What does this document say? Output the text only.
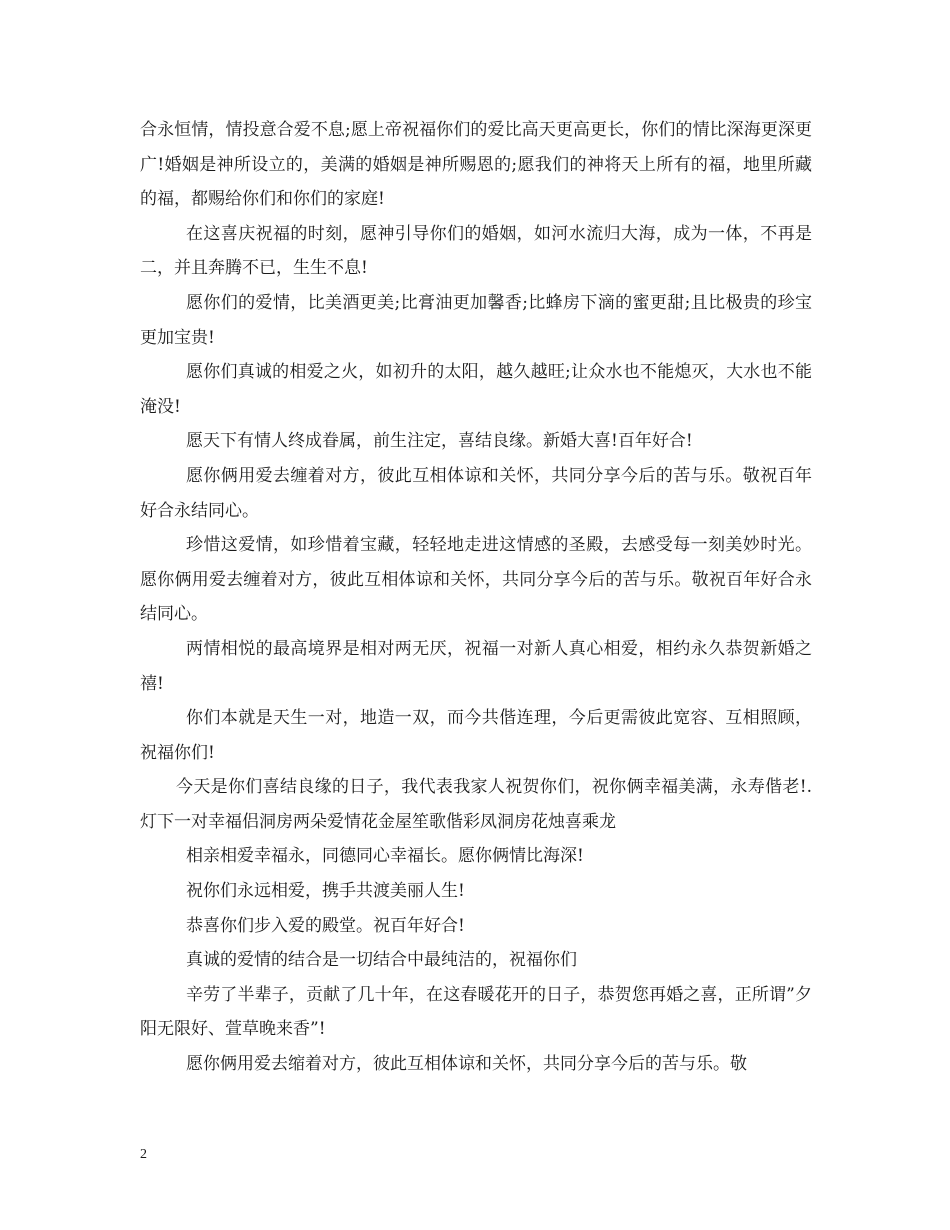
合永恒情，情投意合爱不息;愿上帝祝福你们的爱比高天更高更长，你们的情比深海更深更广!婚姻是神所设立的，美满的婚姻是神所赐恩的;愿我们的神将天上所有的福，地里所藏的福，都赐给你们和你们的家庭!

在这喜庆祝福的时刻，愿神引导你们的婚姻，如河水流归大海，成为一体，不再是二，并且奔腾不已，生生不息!

愿你们的爱情，比美酒更美;比膏油更加馨香;比蜂房下滴的蜜更甜;且比极贵的珍宝更加宝贵!

愿你们真诚的相爱之火，如初升的太阳，越久越旺;让众水也不能熄灭，大水也不能淹没!

愿天下有情人终成眷属，前生注定，喜结良缘。新婚大喜!百年好合!

愿你俩用爱去缠着对方，彼此互相体谅和关怀，共同分享今后的苦与乐。敬祝百年好合永结同心。

珍惜这爱情，如珍惜着宝藏，轻轻地走进这情感的圣殿，去感受每一刻美妙时光。愿你俩用爱去缠着对方，彼此互相体谅和关怀，共同分享今后的苦与乐。敬祝百年好合永结同心。

两情相悦的最高境界是相对两无厌，祝福一对新人真心相爱，相约永久恭贺新婚之禧!

你们本就是天生一对，地造一双，而今共偕连理，今后更需彼此宽容、互相照顾，祝福你们!

今天是你们喜结良缘的日子，我代表我家人祝贺你们，祝你俩幸福美满，永寿偕老!.灯下一对幸福侣洞房两朵爱情花金屋笙歌偕彩凤洞房花烛喜乘龙

相亲相爱幸福永，同德同心幸福长。愿你俩情比海深!

祝你们永远相爱，携手共渡美丽人生!

恭喜你们步入爱的殿堂。祝百年好合!

真诚的爱情的结合是一切结合中最纯洁的，祝福你们

辛劳了半辈子，贡献了几十年，在这春暖花开的日子，恭贺您再婚之喜，正所谓”夕阳无限好、萱草晚来香”!

愿你俩用爱去缩着对方，彼此互相体谅和关怀，共同分享今后的苦与乐。敬

2
